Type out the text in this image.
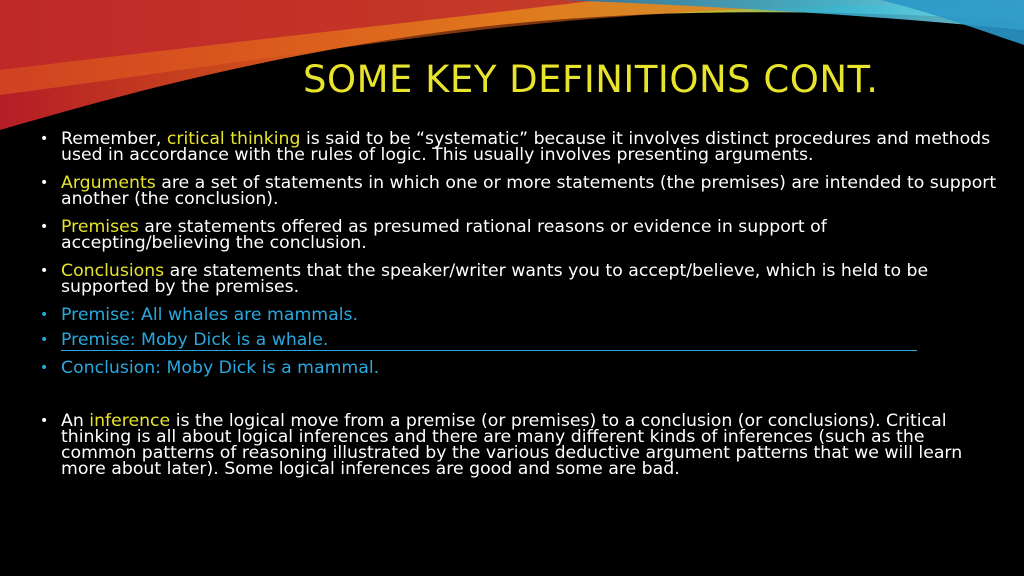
SOME KEY DEFINITIONS CONT.
• Remember, critical thinking is said to be “systematic” because it involves distinct procedures and methods used in accordance with the rules of logic. This usually involves presenting arguments.
• Arguments are a set of statements in which one or more statements (the premises) are intended to support another (the conclusion).
• Premises are statements offered as presumed rational reasons or evidence in support of accepting/believing the conclusion.
• Conclusions are statements that the speaker/writer wants you to accept/believe, which is held to be supported by the premises.
• Premise: All whales are mammals.
• Premise: Moby Dick is a whale.
• Conclusion: Moby Dick is a mammal.
• An inference is the logical move from a premise (or premises) to a conclusion (or conclusions). Critical thinking is all about logical inferences and there are many different kinds of inferences (such as the common patterns of reasoning illustrated by the various deductive argument patterns that we will learn more about later). Some logical inferences are good and some are bad.
